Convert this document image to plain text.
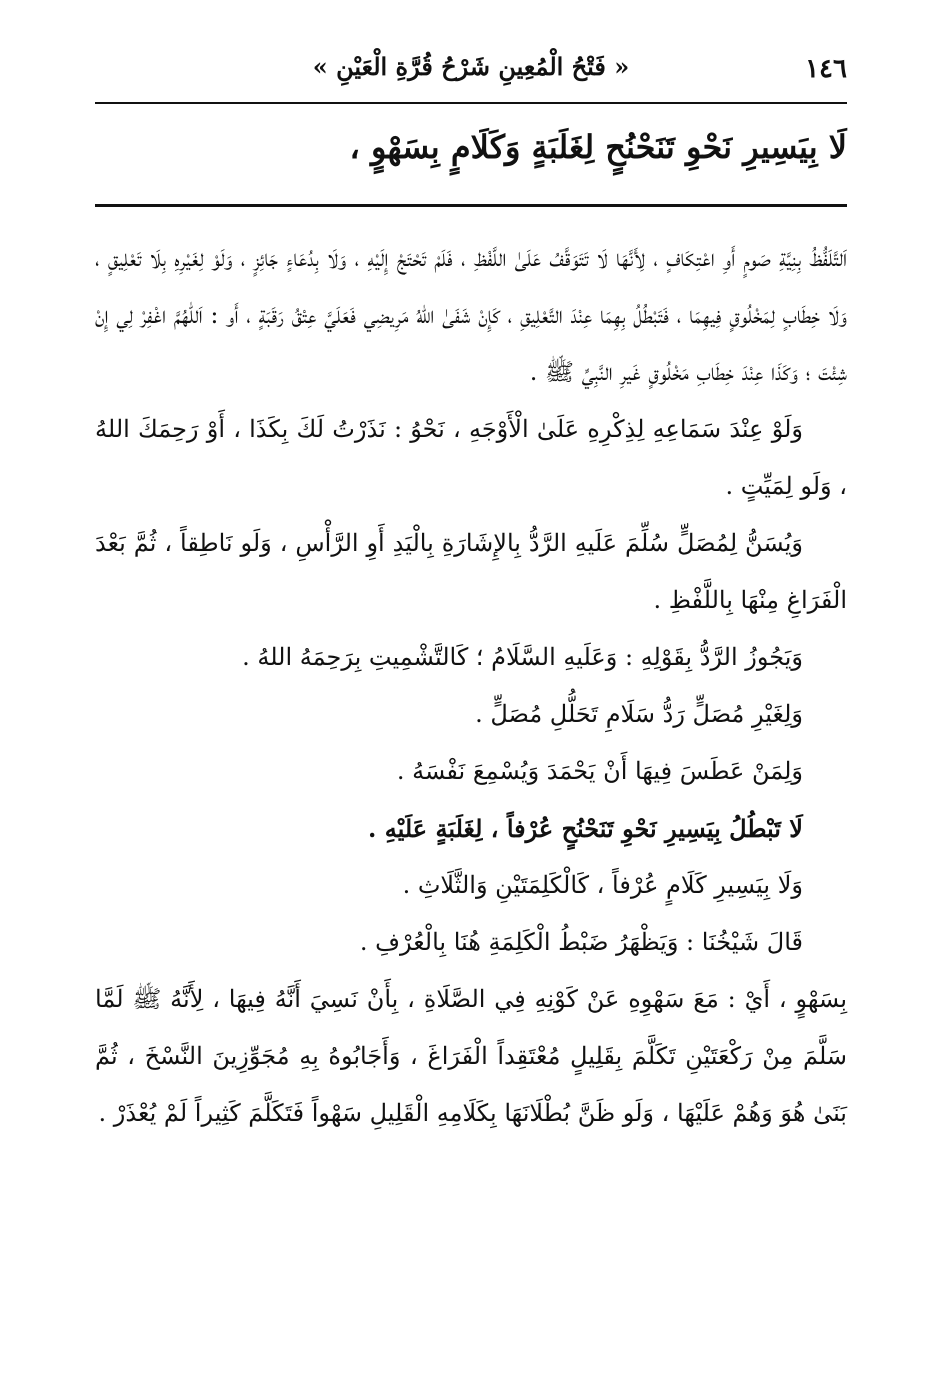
١٤٦
« فَتْحُ الْمُعِينِ شَرْحُ قُرَّةِ الْعَيْنِ »
لَا بِيَسِيرِ نَحْوِ تَنَحْنُحٍ لِغَلَبَةٍ وَكَلَامٍ بِسَهْوٍ ،

اَلتَّلَفُّظُ بِنِيَّةِ صَومٍ أَوِ اعْتِكَافٍ ، لِأَنَّهَا لَا تَتَوَقَّفُ عَلَىٰ اللَّفْظِ ، فَلَمْ تَحْتَجْ إِلَيْهِ ، وَلَا بِدُعَاءٍ جَائِزٍ ، وَلَوْ لِغَيْرِهِ بِلَا تَعْلِيقٍ ، وَلَا خِطَابٍ لِمَخْلُوقٍ فِيهِمَا ، فَتَبْطُلُ بِهِمَا عِنْدَ التَّعْلِيقِ ، كَإِنْ شَفَىٰ اللهُ مَرِيضِي فَعَلَيَّ عِتْقُ رَقَبَةٍ ، أَو : اَللّٰهُمَّ اغْفِرْ لِي إِنْ شِئْتَ ؛ وَكَذَا عِنْدَ خِطَابِ مَخْلُوقٍ غَيرِ النَّبِيِّ ﷺ .

وَلَوْ عِنْدَ سَمَاعِهِ لِذِكْرِهِ عَلَىٰ الْأَوْجَهِ ، نَحْوُ : نَذَرْتُ لَكَ بِكَذَا ، أَوْ رَحِمَكَ اللهُ ، وَلَو لِمَيِّتٍ .

وَيُسَنُّ لِمُصَلٍّ سُلِّمَ عَلَيهِ الرَّدُّ بِالإِشَارَةِ بِالْيَدِ أَوِ الرَّأْسِ ، وَلَو نَاطِقاً ، ثُمَّ بَعْدَ الْفَرَاغِ مِنْهَا بِاللَّفْظِ .

وَيَجُوزُ الرَّدُّ بِقَوْلِهِ : وَعَلَيهِ السَّلَامُ ؛ كَالتَّشْمِيتِ بِرَحِمَهُ اللهُ .

وَلِغَيْرِ مُصَلٍّ رَدُّ سَلَامِ تَحَلُّلِ مُصَلٍّ .

وَلِمَنْ عَطَسَ فِيهَا أَنْ يَحْمَدَ وَيُسْمِعَ نَفْسَهُ .

لَا تَبْطُلُ بِيَسِيرِ نَحْوِ تَنَحْنُحٍ عُرْفاً ، لِغَلَبَةٍ عَلَيْهِ .

وَلَا بِيَسِيرِ كَلَامٍ عُرْفاً ، كَالْكَلِمَتَيْنِ وَالثَّلَاثِ .

قَالَ شَيْخُنَا : وَيَظْهَرُ ضَبْطُ الْكَلِمَةِ هُنَا بِالْعُرْفِ .

بِسَهْوٍ ، أَيْ : مَعَ سَهْوِهِ عَنْ كَوْنِهِ فِي الصَّلَاةِ ، بِأَنْ نَسِيَ أَنَّهُ فِيهَا ، لِأَنَّهُ ﷺ لَمَّا سَلَّمَ مِنْ رَكْعَتَيْنِ تَكَلَّمَ بِقَلِيلٍ مُعْتَقِداً الْفَرَاغَ ، وَأَجَابُوهُ بِهِ مُجَوِّزِينَ النَّسْخَ ، ثُمَّ بَنَىٰ هُوَ وَهُمْ عَلَيْهَا ، وَلَو ظَنَّ بُطْلَانَهَا بِكَلَامِهِ الْقَلِيلِ سَهْواً فَتَكَلَّمَ كَثِيراً لَمْ يُعْذَرْ .
